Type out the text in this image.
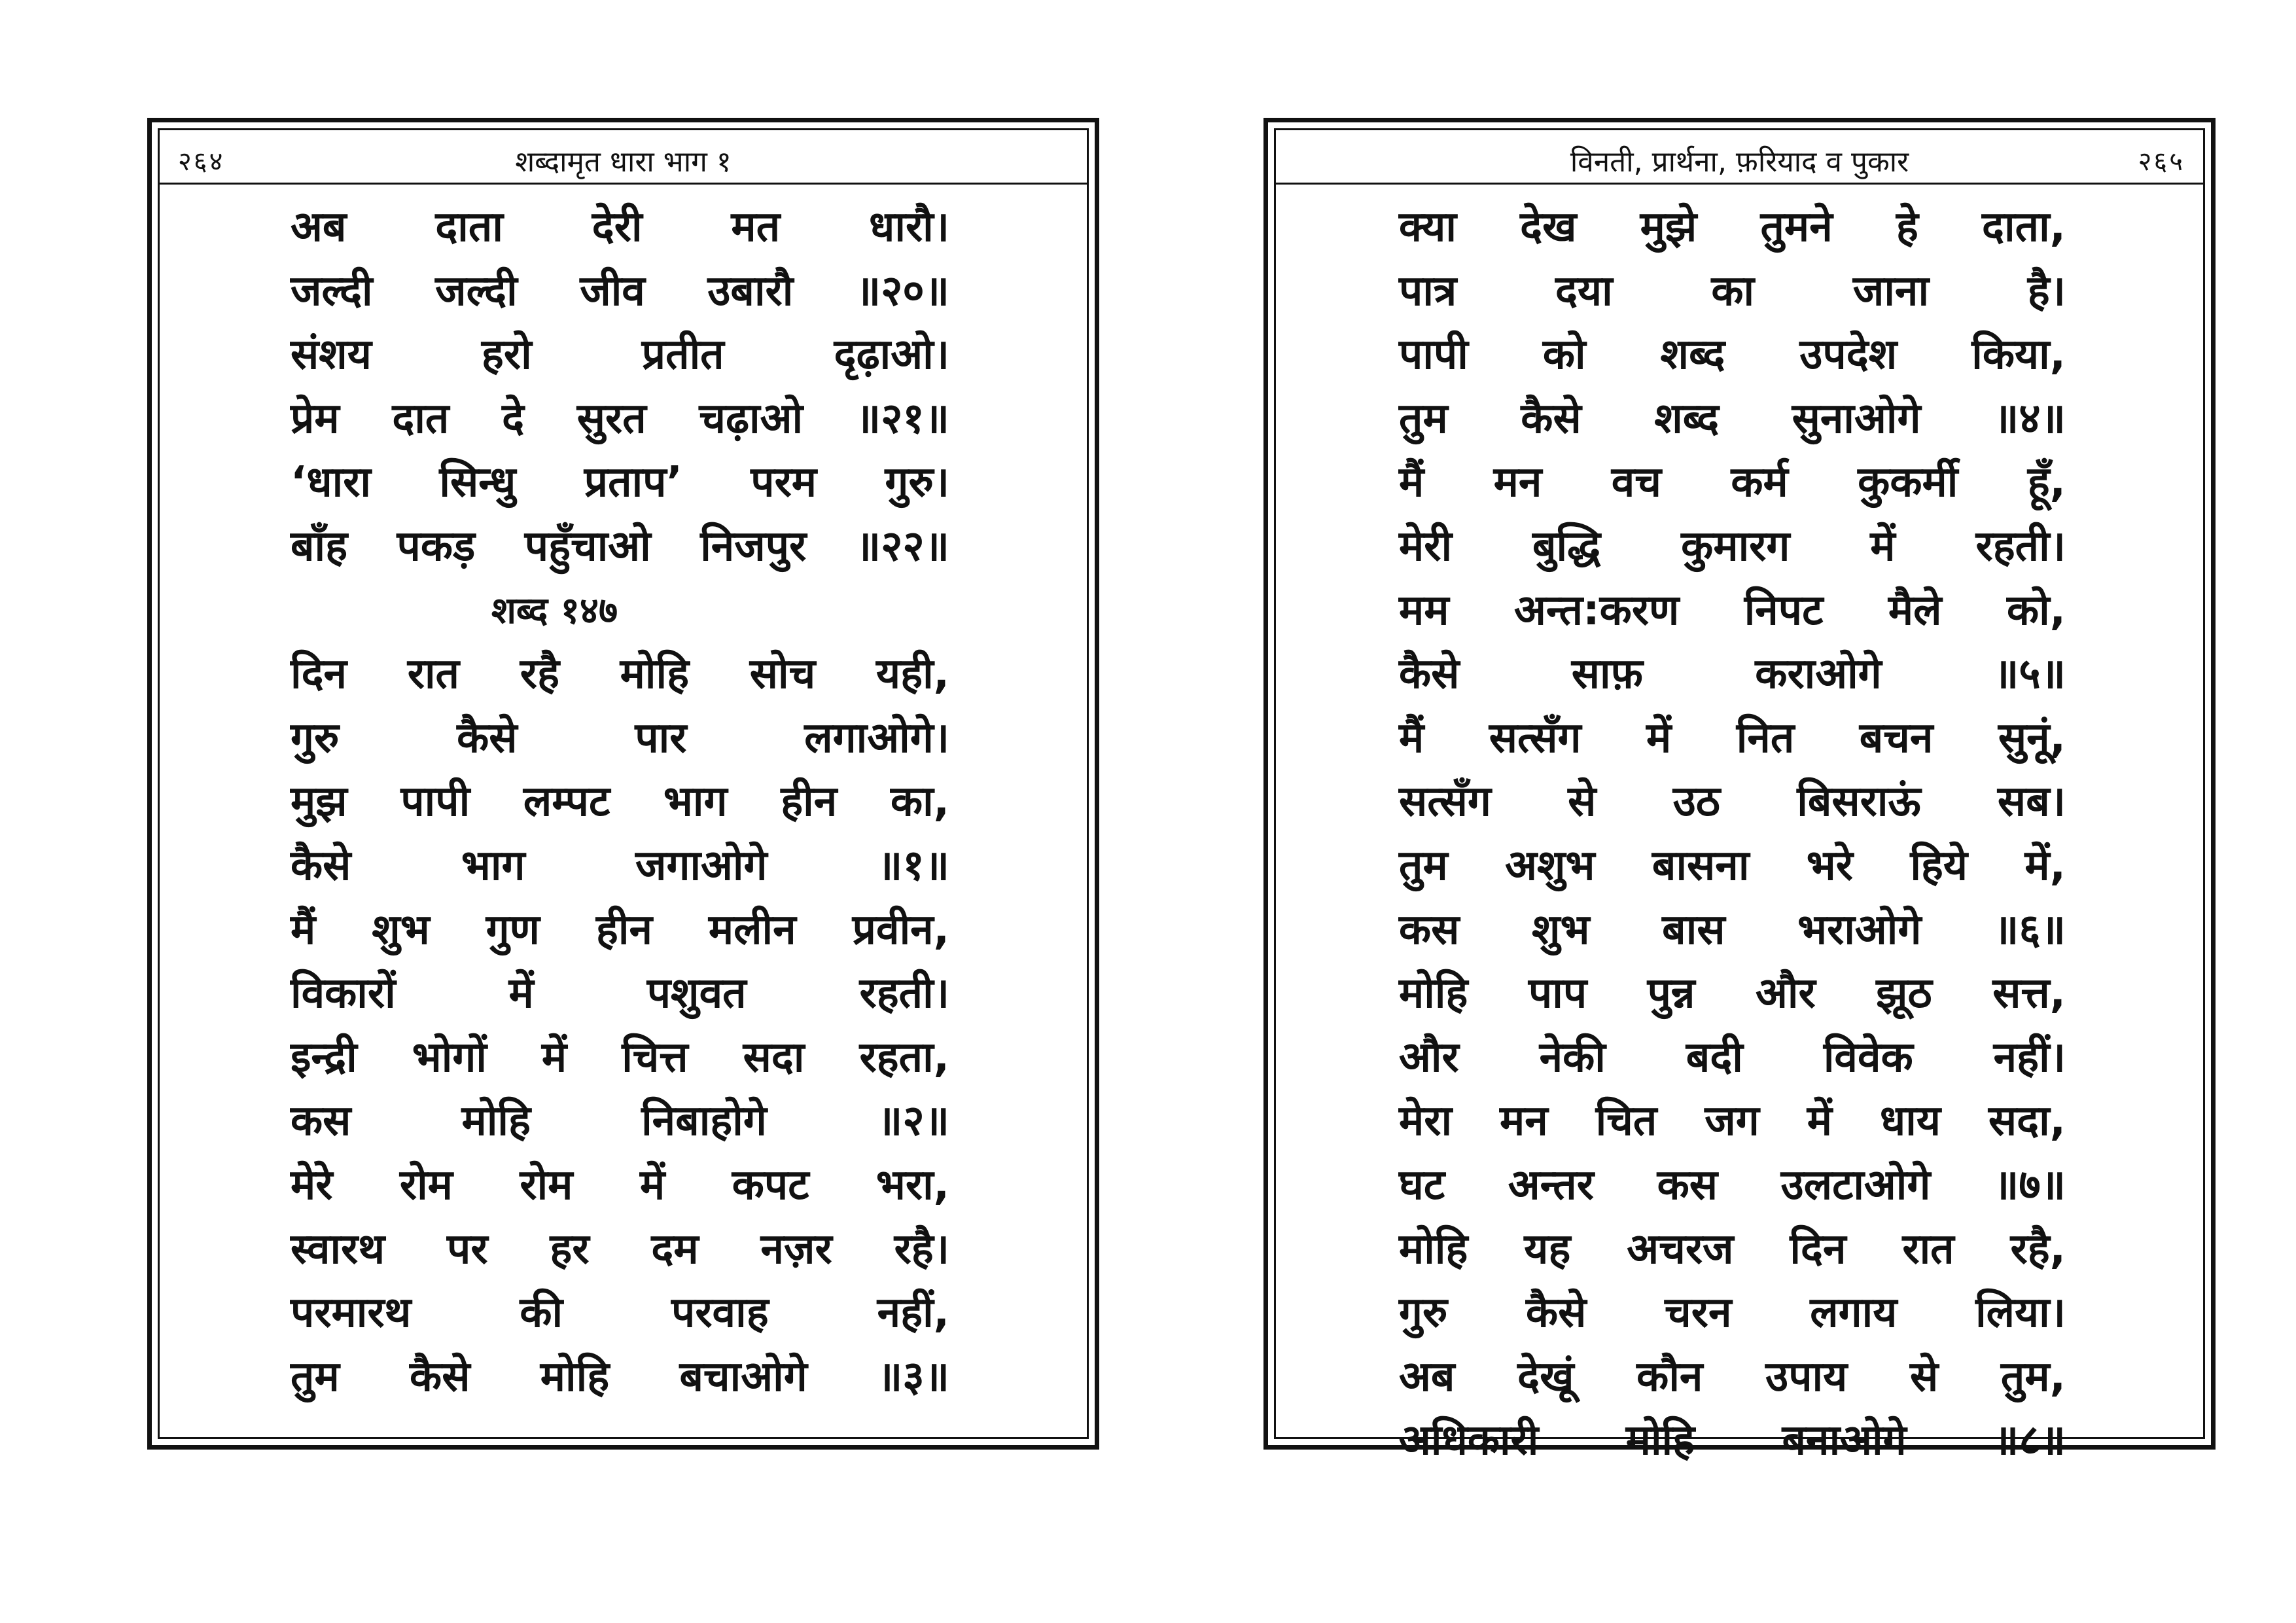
२६४	शब्दामृत धारा भाग १
अब दाता देरी मत धारौ।
जल्दी जल्दी जीव उबारौ ॥२०॥
संशय हरो प्रतीत दृढ़ाओ।
प्रेम दात दे सुरत चढ़ाओ ॥२१॥
‘धारा सिन्धु प्रताप’ परम गुरु।
बाँह पकड़ पहुँचाओ निजपुर ॥२२॥
शब्द १४७
दिन रात रहै मोहि सोच यही,
गुरु कैसे पार लगाओगे।
मुझ पापी लम्पट भाग हीन का,
कैसे भाग जगाओगे ॥१॥
मैं शुभ गुण हीन मलीन प्रवीन,
विकारों में पशुवत रहती।
इन्द्री भोगों में चित्त सदा रहता,
कस मोहि निबाहोगे ॥२॥
मेरे रोम रोम में कपट भरा,
स्वारथ पर हर दम नज़र रहै।
परमारथ की परवाह नहीं,
तुम कैसे मोहि बचाओगे ॥३॥
विनती, प्रार्थना, फ़रियाद व पुकार	२६५
क्या देख मुझे तुमने हे दाता,
पात्र दया का जाना है।
पापी को शब्द उपदेश किया,
तुम कैसे शब्द सुनाओगे ॥४॥
मैं मन वच कर्म कुकर्मी हूँ,
मेरी बुद्धि कुमारग में रहती।
मम अन्त:करण निपट मैले को,
कैसे साफ़ कराओगे ॥५॥
मैं सत्सँग में नित बचन सुनूं,
सत्सँग से उठ बिसराऊं सब।
तुम अशुभ बासना भरे हिये में,
कस शुभ बास भराओगे ॥६॥
मोहि पाप पुन्न और झूठ सत्त,
और नेकी बदी विवेक नहीं।
मेरा मन चित जग में धाय सदा,
घट अन्तर कस उलटाओगे ॥७॥
मोहि यह अचरज दिन रात रहै,
गुरु कैसे चरन लगाय लिया।
अब देखूं कौन उपाय से तुम,
अधिकारी मोहि बनाओगे ॥८॥
